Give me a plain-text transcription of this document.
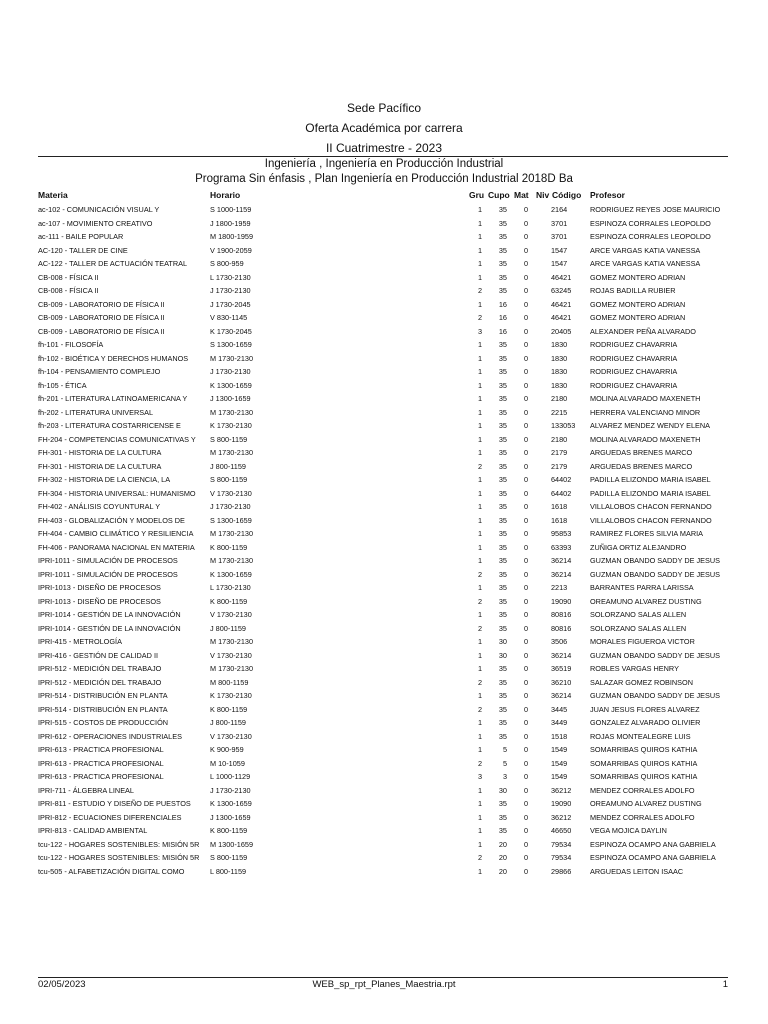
Sede Pacífico
Oferta Académica por carrera
II Cuatrimestre - 2023
Ingeniería , Ingeniería en Producción Industrial
Programa Sin énfasis , Plan Ingeniería en Producción Industrial 2018D Ba
Materia	Horario	Gru Cupo Mat Niv Código Profesor
ac-102 - COMUNICACIÓN VISUAL Y	S 1000-1159	1	35	0	2164	RODRIGUEZ REYES JOSE MAURICIO
ac-107 - MOVIMIENTO CREATIVO	J 1800-1959	1	35	0	3701	ESPINOZA CORRALES LEOPOLDO
ac-111 - BAILE POPULAR	M 1800-1959	1	35	0	3701	ESPINOZA CORRALES LEOPOLDO
AC-120 - TALLER DE CINE	V 1900-2059	1	35	0	1547	ARCE VARGAS KATIA VANESSA
AC-122 - TALLER DE ACTUACIÓN TEATRAL	S 800-959	1	35	0	1547	ARCE VARGAS KATIA VANESSA
CB-008 - FÍSICA II	L 1730-2130	1	35	0	46421	GOMEZ MONTERO ADRIAN
CB-008 - FÍSICA II	J 1730-2130	2	35	0	63245	ROJAS BADILLA RUBIER
CB-009 - LABORATORIO DE FÍSICA II	J 1730-2045	1	16	0	46421	GOMEZ MONTERO ADRIAN
CB-009 - LABORATORIO DE FÍSICA II	V 830-1145	2	16	0	46421	GOMEZ MONTERO ADRIAN
CB-009 - LABORATORIO DE FÍSICA II	K 1730-2045	3	16	0	20405	ALEXANDER PEÑA ALVARADO
fh-101 - FILOSOFÍA	S 1300-1659	1	35	0	1830	RODRIGUEZ CHAVARRIA
fh-102 - BIOÉTICA Y DERECHOS HUMANOS	M 1730-2130	1	35	0	1830	RODRIGUEZ CHAVARRIA
fh-104 - PENSAMIENTO COMPLEJO	J 1730-2130	1	35	0	1830	RODRIGUEZ CHAVARRIA
fh-105 - ÉTICA	K 1300-1659	1	35	0	1830	RODRIGUEZ CHAVARRIA
fh-201 - LITERATURA LATINOAMERICANA Y	J 1300-1659	1	35	0	2180	MOLINA ALVARADO MAXENETH
fh-202 - LITERATURA UNIVERSAL	M 1730-2130	1	35	0	2215	HERRERA VALENCIANO MINOR
fh-203 - LITERATURA COSTARRICENSE E	K 1730-2130	1	35	0	133053 ALVAREZ MENDEZ WENDY ELENA
FH-204 - COMPETENCIAS COMUNICATIVAS Y	S 800-1159	1	35	0	2180	MOLINA ALVARADO MAXENETH
FH-301 - HISTORIA DE LA CULTURA	M 1730-2130	1	35	0	2179	ARGUEDAS BRENES MARCO
FH-301 - HISTORIA DE LA CULTURA	J 800-1159	2	35	0	2179	ARGUEDAS BRENES MARCO
FH-302 - HISTORIA DE LA CIENCIA, LA	S 800-1159	1	35	0	64402	PADILLA ELIZONDO MARIA ISABEL
FH-304 - HISTORIA UNIVERSAL: HUMANISMO	V 1730-2130	1	35	0	64402	PADILLA ELIZONDO MARIA ISABEL
FH-402 - ANÁLISIS COYUNTURAL Y	J 1730-2130	1	35	0	1618	VILLALOBOS CHACON FERNANDO
FH-403 - GLOBALIZACIÓN Y MODELOS DE	S 1300-1659	1	35	0	1618	VILLALOBOS CHACON FERNANDO
FH-404 - CAMBIO CLIMÁTICO Y RESILIENCIA	M 1730-2130	1	35	0	95853	RAMIREZ FLORES SILVIA MARIA
FH-406 - PANORAMA NACIONAL EN MATERIA	K 800-1159	1	35	0	63393	ZUÑIGA ORTIZ ALEJANDRO
IPRI-1011 - SIMULACIÓN DE PROCESOS	M 1730-2130	1	35	0	36214	GUZMAN OBANDO SADDY DE JESUS
IPRI-1011 - SIMULACIÓN DE PROCESOS	K 1300-1659	2	35	0	36214	GUZMAN OBANDO SADDY DE JESUS
IPRI-1013 - DISEÑO DE PROCESOS	L 1730-2130	1	35	0	2213	BARRANTES PARRA LARISSA
IPRI-1013 - DISEÑO DE PROCESOS	K 800-1159	2	35	0	19090	OREAMUNO ALVAREZ DUSTING
IPRI-1014 - GESTIÓN DE LA INNOVACIÓN	V 1730-2130	1	35	0	80816	SOLORZANO SALAS ALLEN
IPRI-1014 - GESTIÓN DE LA INNOVACIÓN	J 800-1159	2	35	0	80816	SOLORZANO SALAS ALLEN
IPRI-415 - METROLOGÍA	M 1730-2130	1	30	0	3506	MORALES FIGUEROA VICTOR
IPRI-416 - GESTIÓN DE CALIDAD II	V 1730-2130	1	30	0	36214	GUZMAN OBANDO SADDY DE JESUS
IPRI-512 - MEDICIÓN DEL TRABAJO	M 1730-2130	1	35	0	36519	ROBLES VARGAS HENRY
IPRI-512 - MEDICIÓN DEL TRABAJO	M 800-1159	2	35	0	36210	SALAZAR GOMEZ ROBINSON
IPRI-514 - DISTRIBUCIÓN EN PLANTA	K 1730-2130	1	35	0	36214	GUZMAN OBANDO SADDY DE JESUS
IPRI-514 - DISTRIBUCIÓN EN PLANTA	K 800-1159	2	35	0	3445	JUAN JESUS FLORES ALVAREZ
IPRI-515 - COSTOS DE PRODUCCIÓN	J 800-1159	1	35	0	3449	GONZALEZ ALVARADO OLIVIER
IPRI-612 - OPERACIONES INDUSTRIALES	V 1730-2130	1	35	0	1518	ROJAS MONTEALEGRE LUIS
IPRI-613 - PRACTICA PROFESIONAL	K 900-959	1	5	0	1549	SOMARRIBAS QUIROS KATHIA
IPRI-613 - PRACTICA PROFESIONAL	M 10-1059	2	5	0	1549	SOMARRIBAS QUIROS KATHIA
IPRI-613 - PRACTICA PROFESIONAL	L 1000-1129	3	3	0	1549	SOMARRIBAS QUIROS KATHIA
IPRI-711 - ÁLGEBRA LINEAL	J 1730-2130	1	30	0	36212	MENDEZ CORRALES ADOLFO
IPRI-811 - ESTUDIO Y DISEÑO DE PUESTOS	K 1300-1659	1	35	0	19090	OREAMUNO ALVAREZ DUSTING
IPRI-812 - ECUACIONES DIFERENCIALES	J 1300-1659	1	35	0	36212	MENDEZ CORRALES ADOLFO
IPRI-813 - CALIDAD AMBIENTAL	K 800-1159	1	35	0	46650	VEGA MOJICA DAYLIN
tcu-122 - HOGARES SOSTENIBLES: MISIÓN 5R	M 1300-1659	1	20	0	79534	ESPINOZA OCAMPO ANA GABRIELA
tcu-122 - HOGARES SOSTENIBLES: MISIÓN 5R	S 800-1159	2	20	0	79534	ESPINOZA OCAMPO ANA GABRIELA
tcu-505 - ALFABETIZACIÓN DIGITAL COMO	L 800-1159	1	20	0	29866	ARGUEDAS LEITON ISAAC
02/05/2023	WEB_sp_rpt_Planes_Maestria.rpt	1
